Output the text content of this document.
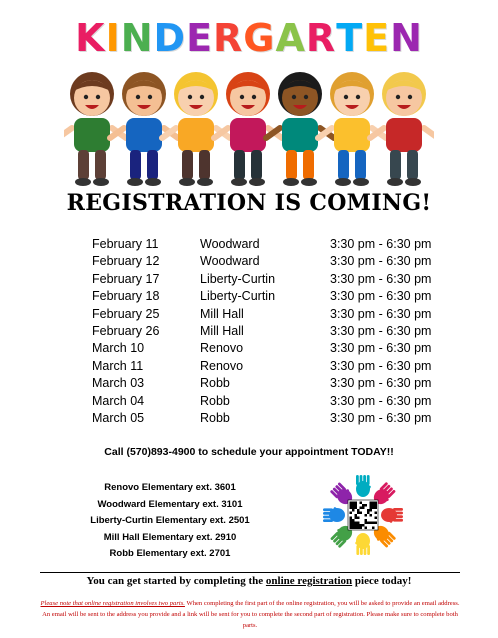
KINDERGARTEN
REGISTRATION IS COMING!
February 11	Woodward	3:30 pm - 6:30 pm
February 12	Woodward	3:30 pm - 6:30 pm
February 17	Liberty-Curtin	3:30 pm - 6:30 pm
February 18	Liberty-Curtin	3:30 pm - 6:30 pm
February 25	Mill Hall	3:30 pm - 6:30 pm
February 26	Mill Hall	3:30 pm - 6:30 pm
March 10	Renovo	3:30 pm - 6:30 pm
March 11	Renovo	3:30 pm - 6:30 pm
March 03	Robb	3:30 pm - 6:30 pm
March 04	Robb	3:30 pm - 6:30 pm
March 05	Robb	3:30 pm - 6:30 pm
Call (570)893-4900 to schedule your appointment TODAY!!
Renovo Elementary ext. 3601
Woodward Elementary ext. 3101
Liberty-Curtin Elementary ext. 2501
Mill Hall Elementary ext. 2910
Robb Elementary ext. 2701
You can get started by completing the online registration piece today!
Please note that online registration involves two parts. When completing the first part of the online registration, you will be asked to provide an email address. An email will be sent to the address you provide and a link will be sent for you to complete the second part of registration. Please make sure to complete both parts.
